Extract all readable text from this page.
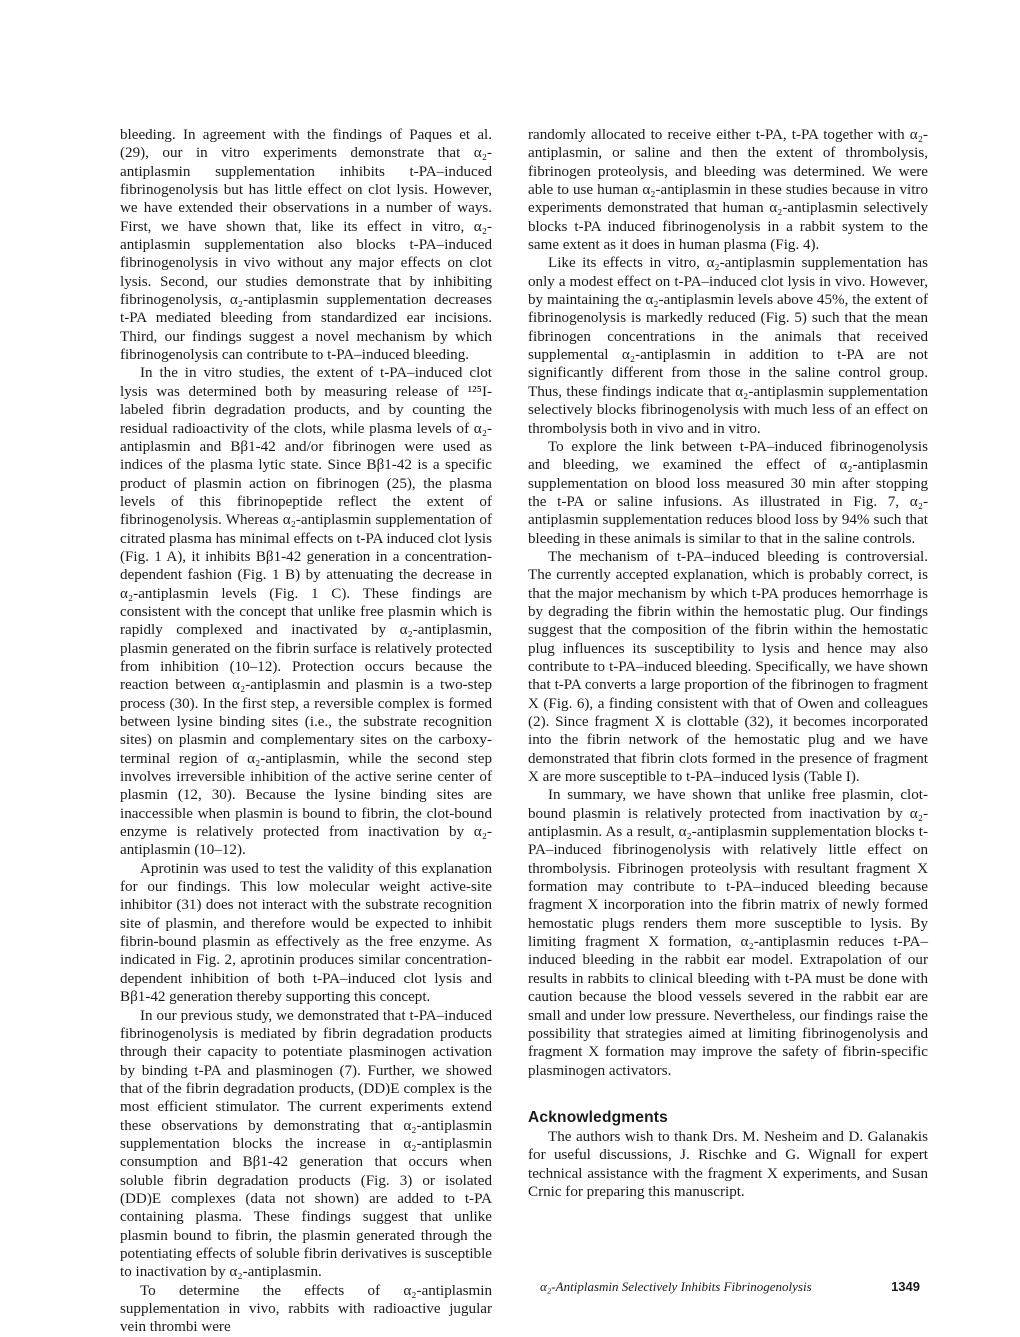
bleeding. In agreement with the findings of Paques et al. (29), our in vitro experiments demonstrate that α₂-antiplasmin supplementation inhibits t-PA–induced fibrinogenolysis but has little effect on clot lysis. However, we have extended their observations in a number of ways. First, we have shown that, like its effect in vitro, α₂-antiplasmin supplementation also blocks t-PA–induced fibrinogenolysis in vivo without any major effects on clot lysis. Second, our studies demonstrate that by inhibiting fibrinogenolysis, α₂-antiplasmin supplementation decreases t-PA mediated bleeding from standardized ear incisions. Third, our findings suggest a novel mechanism by which fibrinogenolysis can contribute to t-PA–induced bleeding.

In the in vitro studies, the extent of t-PA–induced clot lysis was determined both by measuring release of ¹²⁵I-labeled fibrin degradation products, and by counting the residual radioactivity of the clots, while plasma levels of α₂-antiplasmin and Bβ1-42 and/or fibrinogen were used as indices of the plasma lytic state. Since Bβ1-42 is a specific product of plasmin action on fibrinogen (25), the plasma levels of this fibrinopeptide reflect the extent of fibrinogenolysis. Whereas α₂-antiplasmin supplementation of citrated plasma has minimal effects on t-PA induced clot lysis (Fig. 1 A), it inhibits Bβ1-42 generation in a concentration-dependent fashion (Fig. 1 B) by attenuating the decrease in α₂-antiplasmin levels (Fig. 1 C). These findings are consistent with the concept that unlike free plasmin which is rapidly complexed and inactivated by α₂-antiplasmin, plasmin generated on the fibrin surface is relatively protected from inhibition (10–12). Protection occurs because the reaction between α₂-antiplasmin and plasmin is a two-step process (30). In the first step, a reversible complex is formed between lysine binding sites (i.e., the substrate recognition sites) on plasmin and complementary sites on the carboxy-terminal region of α₂-antiplasmin, while the second step involves irreversible inhibition of the active serine center of plasmin (12, 30). Because the lysine binding sites are inaccessible when plasmin is bound to fibrin, the clot-bound enzyme is relatively protected from inactivation by α₂-antiplasmin (10–12).

Aprotinin was used to test the validity of this explanation for our findings. This low molecular weight active-site inhibitor (31) does not interact with the substrate recognition site of plasmin, and therefore would be expected to inhibit fibrin-bound plasmin as effectively as the free enzyme. As indicated in Fig. 2, aprotinin produces similar concentration-dependent inhibition of both t-PA–induced clot lysis and Bβ1-42 generation thereby supporting this concept.

In our previous study, we demonstrated that t-PA–induced fibrinogenolysis is mediated by fibrin degradation products through their capacity to potentiate plasminogen activation by binding t-PA and plasminogen (7). Further, we showed that of the fibrin degradation products, (DD)E complex is the most efficient stimulator. The current experiments extend these observations by demonstrating that α₂-antiplasmin supplementation blocks the increase in α₂-antiplasmin consumption and Bβ1-42 generation that occurs when soluble fibrin degradation products (Fig. 3) or isolated (DD)E complexes (data not shown) are added to t-PA containing plasma. These findings suggest that unlike plasmin bound to fibrin, the plasmin generated through the potentiating effects of soluble fibrin derivatives is susceptible to inactivation by α₂-antiplasmin.

To determine the effects of α₂-antiplasmin supplementation in vivo, rabbits with radioactive jugular vein thrombi were

randomly allocated to receive either t-PA, t-PA together with α₂-antiplasmin, or saline and then the extent of thrombolysis, fibrinogen proteolysis, and bleeding was determined. We were able to use human α₂-antiplasmin in these studies because in vitro experiments demonstrated that human α₂-antiplasmin selectively blocks t-PA induced fibrinogenolysis in a rabbit system to the same extent as it does in human plasma (Fig. 4).

Like its effects in vitro, α₂-antiplasmin supplementation has only a modest effect on t-PA–induced clot lysis in vivo. However, by maintaining the α₂-antiplasmin levels above 45%, the extent of fibrinogenolysis is markedly reduced (Fig. 5) such that the mean fibrinogen concentrations in the animals that received supplemental α₂-antiplasmin in addition to t-PA are not significantly different from those in the saline control group. Thus, these findings indicate that α₂-antiplasmin supplementation selectively blocks fibrinogenolysis with much less of an effect on thrombolysis both in vivo and in vitro.

To explore the link between t-PA–induced fibrinogenolysis and bleeding, we examined the effect of α₂-antiplasmin supplementation on blood loss measured 30 min after stopping the t-PA or saline infusions. As illustrated in Fig. 7, α₂-antiplasmin supplementation reduces blood loss by 94% such that bleeding in these animals is similar to that in the saline controls.

The mechanism of t-PA–induced bleeding is controversial. The currently accepted explanation, which is probably correct, is that the major mechanism by which t-PA produces hemorrhage is by degrading the fibrin within the hemostatic plug. Our findings suggest that the composition of the fibrin within the hemostatic plug influences its susceptibility to lysis and hence may also contribute to t-PA–induced bleeding. Specifically, we have shown that t-PA converts a large proportion of the fibrinogen to fragment X (Fig. 6), a finding consistent with that of Owen and colleagues (2). Since fragment X is clottable (32), it becomes incorporated into the fibrin network of the hemostatic plug and we have demonstrated that fibrin clots formed in the presence of fragment X are more susceptible to t-PA–induced lysis (Table I).

In summary, we have shown that unlike free plasmin, clot-bound plasmin is relatively protected from inactivation by α₂-antiplasmin. As a result, α₂-antiplasmin supplementation blocks t-PA–induced fibrinogenolysis with relatively little effect on thrombolysis. Fibrinogen proteolysis with resultant fragment X formation may contribute to t-PA–induced bleeding because fragment X incorporation into the fibrin matrix of newly formed hemostatic plugs renders them more susceptible to lysis. By limiting fragment X formation, α₂-antiplasmin reduces t-PA–induced bleeding in the rabbit ear model. Extrapolation of our results in rabbits to clinical bleeding with t-PA must be done with caution because the blood vessels severed in the rabbit ear are small and under low pressure. Nevertheless, our findings raise the possibility that strategies aimed at limiting fibrinogenolysis and fragment X formation may improve the safety of fibrin-specific plasminogen activators.

Acknowledgments

The authors wish to thank Drs. M. Nesheim and D. Galanakis for useful discussions, J. Rischke and G. Wignall for expert technical assistance with the fragment X experiments, and Susan Crnic for preparing this manuscript.

α₂-Antiplasmin Selectively Inhibits Fibrinogenolysis	1349
